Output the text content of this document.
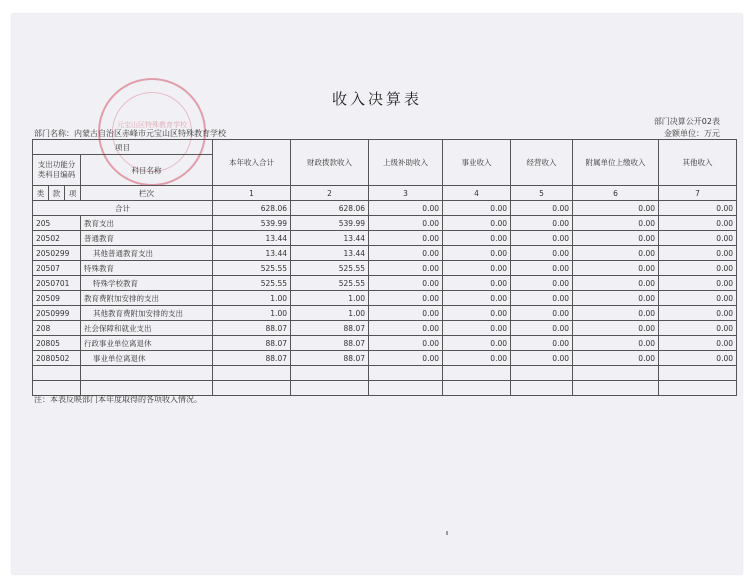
元宝山区特殊教育学校
收入决算表
部门决算公开02表
金额单位：万元
部门名称：内蒙古自治区赤峰市元宝山区特殊教育学校
项目				本年收入合计	财政拨款收入	上级补助收入	事业收入	经营收入	附属单位上缴收入	其他收入
支出功能分类科目编码			科目名称							
类	款	项								
			栏次	1	2	3	4	5	6	7
合计				628.06	628.06	0.00	0.00	0.00	0.00	0.00
205			教育支出	539.99	539.99	0.00	0.00	0.00	0.00	0.00
20502			普通教育	13.44	13.44	0.00	0.00	0.00	0.00	0.00
2050299			其他普通教育支出	13.44	13.44	0.00	0.00	0.00	0.00	0.00
20507			特殊教育	525.55	525.55	0.00	0.00	0.00	0.00	0.00
2050701			特殊学校教育	525.55	525.55	0.00	0.00	0.00	0.00	0.00
20509			教育费附加安排的支出	1.00	1.00	0.00	0.00	0.00	0.00	0.00
2050999			其他教育费附加安排的支出	1.00	1.00	0.00	0.00	0.00	0.00	0.00
208			社会保障和就业支出	88.07	88.07	0.00	0.00	0.00	0.00	0.00
20805			行政事业单位离退休	88.07	88.07	0.00	0.00	0.00	0.00	0.00
2080502			事业单位离退休	88.07	88.07	0.00	0.00	0.00	0.00	0.00

注：本表反映部门本年度取得的各项收入情况。
